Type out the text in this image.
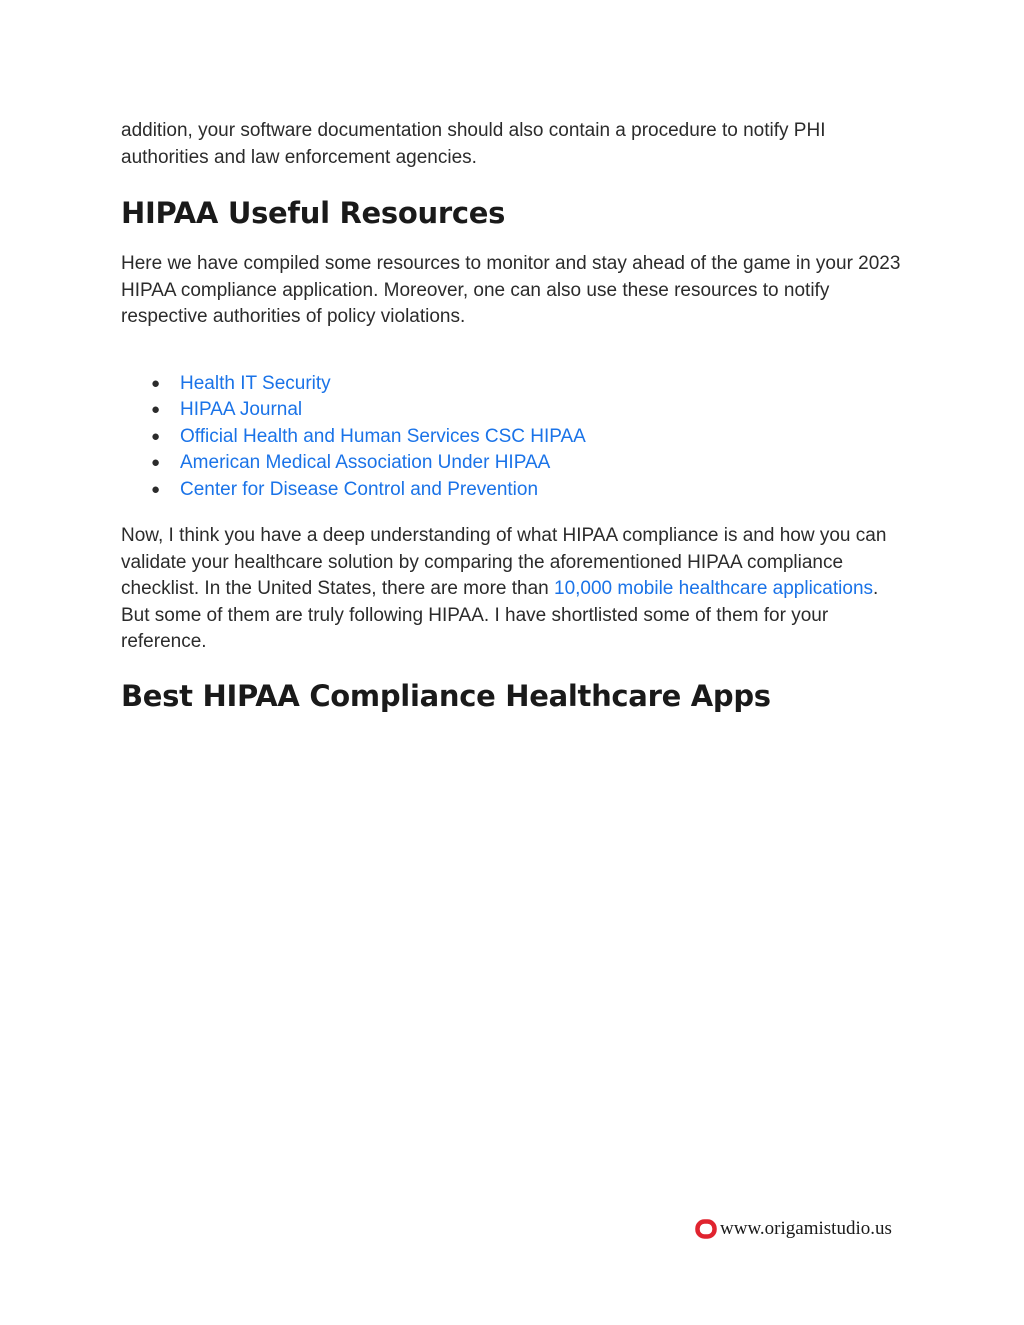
addition, your software documentation should also contain a procedure to notify PHI authorities and law enforcement agencies.

HIPAA Useful Resources

Here we have compiled some resources to monitor and stay ahead of the game in your 2023 HIPAA compliance application. Moreover, one can also use these resources to notify respective authorities of policy violations.

● Health IT Security
● HIPAA Journal
● Official Health and Human Services CSC HIPAA
● American Medical Association Under HIPAA
● Center for Disease Control and Prevention

Now, I think you have a deep understanding of what HIPAA compliance is and how you can validate your healthcare solution by comparing the aforementioned HIPAA compliance checklist. In the United States, there are more than 10,000 mobile healthcare applications. But some of them are truly following HIPAA. I have shortlisted some of them for your reference.

Best HIPAA Compliance Healthcare Apps
www.origamistudio.us
